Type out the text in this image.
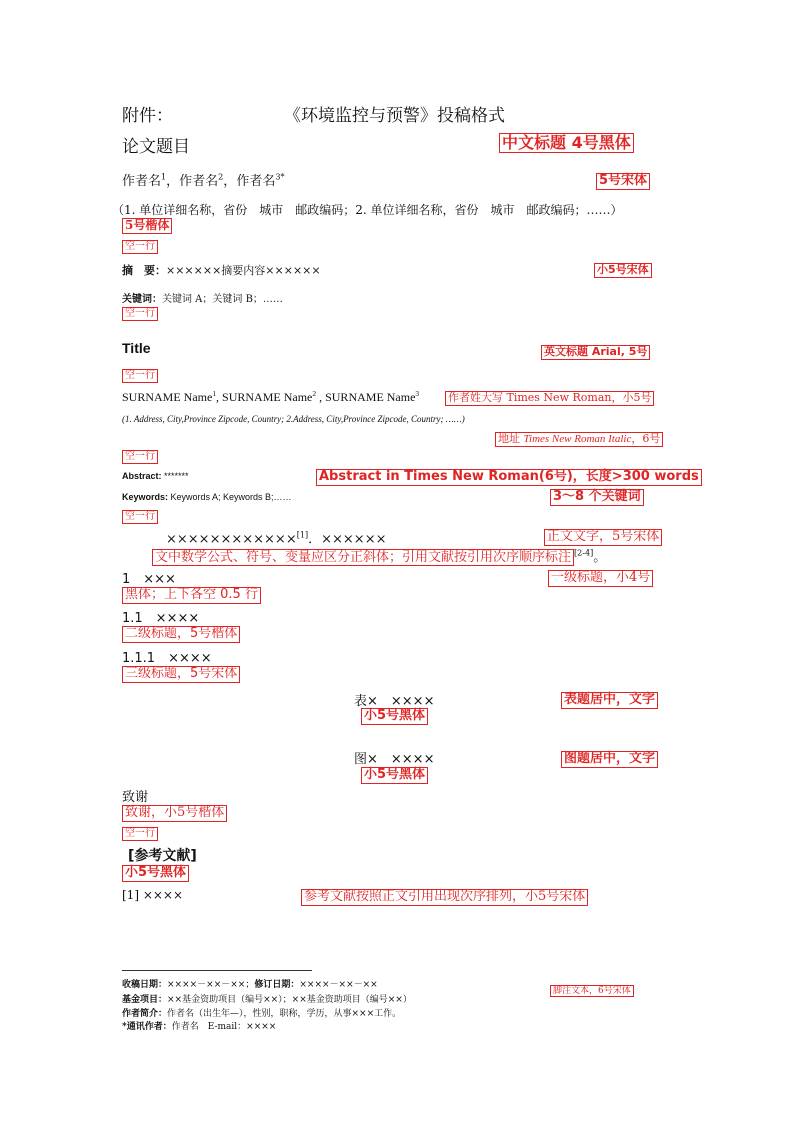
附件：	《环境监控与预警》投稿格式
论文题目	中文标题 4号黑体
作者名$^1$，作者名$^2$，作者名$^{3*}$	5号宋体
（1. 单位详细名称，省份　城市　邮政编码；2. 单位详细名称，省份　城市　邮政编码；……）
5号楷体
空一行
摘　要：××××××摘要内容××××××	小5号宋体
关键词：关键词 A；关键词 B；……
空一行
Title	英文标题 Arial, 5号
空一行
SURNAME Name$^1$, SURNAME Name$^2$ , SURNAME Name$^3$	作者姓大写 Times New Roman，小5号
(1. Address, City,Province Zipcode, Country; 2.Address, City,Province Zipcode, Country; ……)
地址 Times New Roman Italic，6号
空一行
Abstract: *******	Abstract in Times New Roman(6号)，长度>300 words
Keywords: Keywords A; Keywords B;……	3～8 个关键词
空一行
××××××××××××[1]．××××××	正文文字，5号宋体
文中数学公式、符号、变量应区分正斜体；引用文献按引用次序顺序标注 [2-4]。
1　×××	一级标题，小4号
黑体；上下各空 0.5 行
1.1　××××
二级标题，5号楷体
1.1.1　××××
三级标题，5号宋体
表×　××××
小5号黑体
表题居中，文字
图×　××××
小5号黑体
图题居中，文字
致谢
致谢，小5号楷体
空一行
[参考文献]
小5号黑体
[1] ××××	参考文献按照正文引用出现次序排列，小5号宋体
收稿日期：××××－××－××；修订日期：××××－××－××
基金项目：××基金资助项目（编号××）；××基金资助项目（编号××）
作者简介：作者名（出生年—），性别，职称，学历，从事×××工作。
*通讯作者：作者名　E-mail：××××
脚注文本，6号宋体
